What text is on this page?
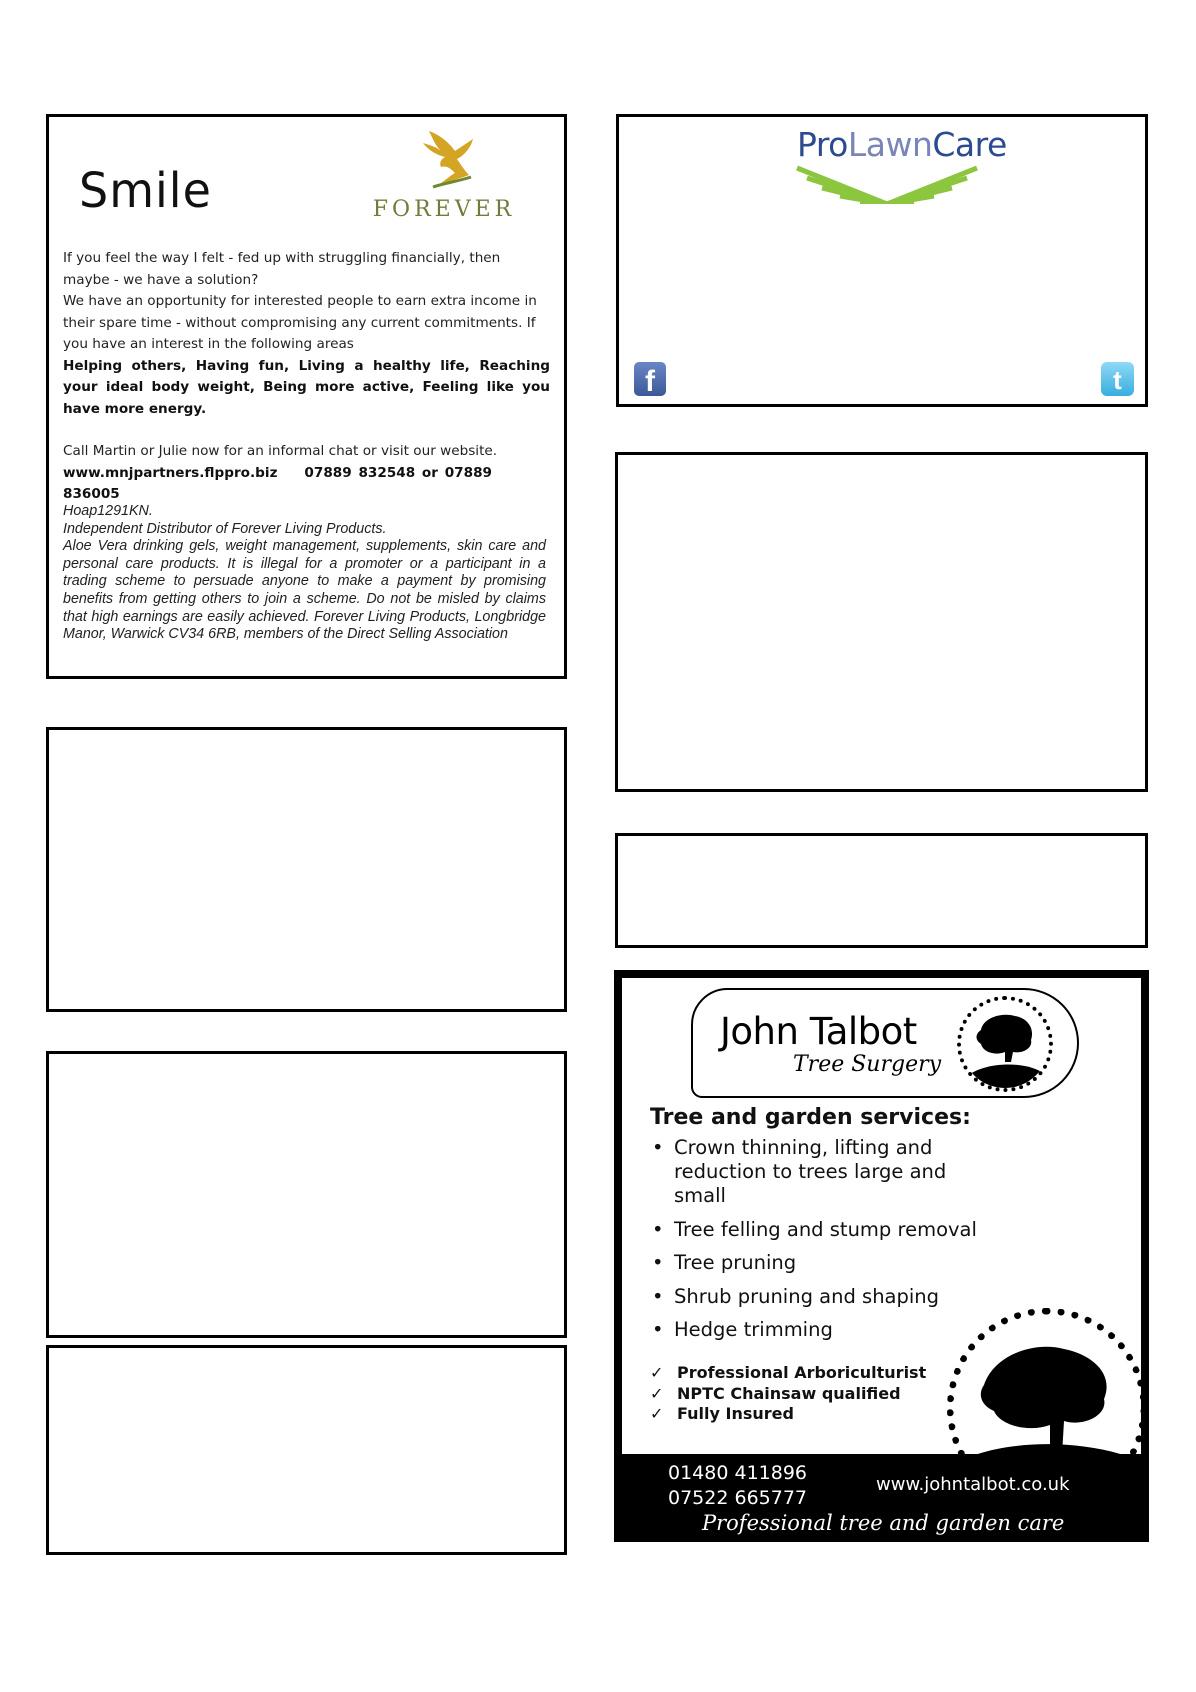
Smile	FOREVER
If you feel the way I felt - fed up with struggling financially, then maybe - we have a solution?
We have an opportunity for interested people to earn extra income in their spare time - without compromising any current commitments. If you have an interest in the following areas
Helping others, Having fun, Living a healthy life, Reaching your ideal body weight, Being more active, Feeling like you have more energy.
Call Martin or Julie now for an informal chat or visit our website.
www.mnjpartners.flppro.biz 07889 832548 or 07889 836005
Hoap1291KN.
Independent Distributor of Forever Living Products.
Aloe Vera drinking gels, weight management, supplements, skin care and personal care products. It is illegal for a promoter or a participant in a trading scheme to persuade anyone to make a payment by promising benefits from getting others to join a scheme. Do not be misled by claims that high earnings are easily achieved. Forever Living Products, Longbridge Manor, Warwick CV34 6RB, members of the Direct Selling Association
ProLawnCare
f	t
John Talbot
Tree Surgery
Tree and garden services:
• Crown thinning, lifting and reduction to trees large and small
• Tree felling and stump removal
• Tree pruning
• Shrub pruning and shaping
• Hedge trimming
✓ Professional Arboriculturist
✓ NPTC Chainsaw qualified
✓ Fully Insured
01480 411896
07522 665777
www.johntalbot.co.uk
Professional tree and garden care
